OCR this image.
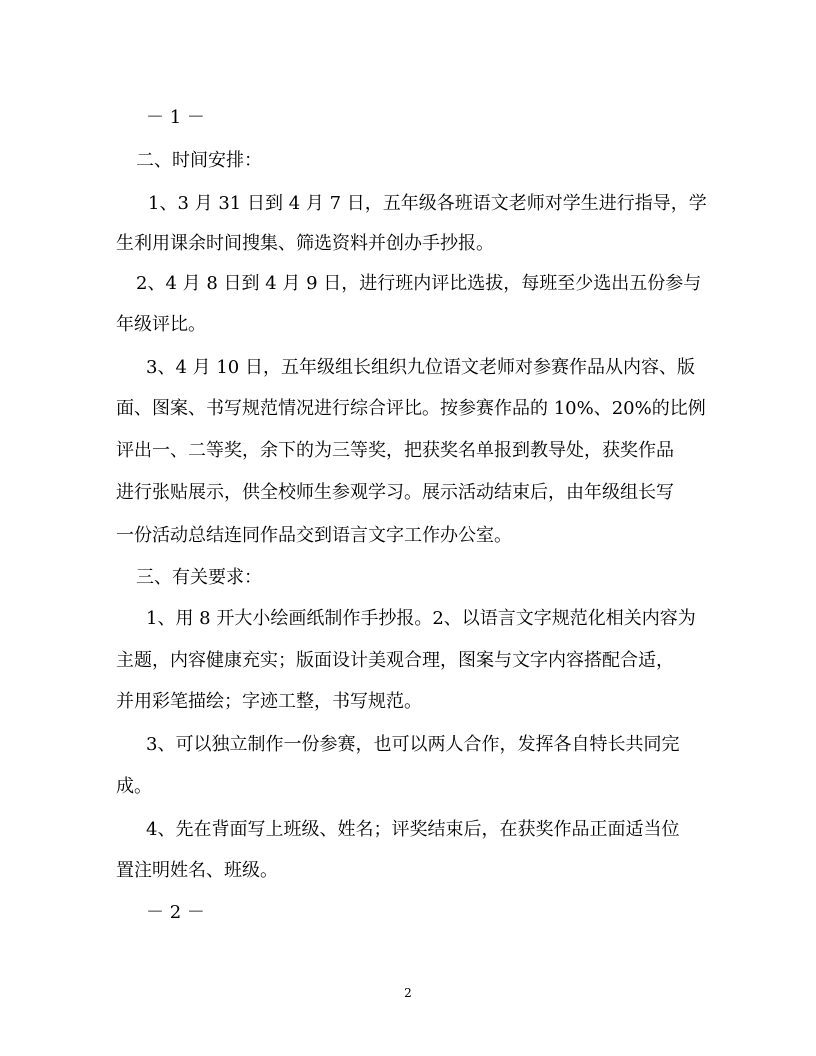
－ 1 －
二、时间安排：
1、3 月 31 日到 4 月 7 日，五年级各班语文老师对学生进行指导，学
生利用课余时间搜集、筛选资料并创办手抄报。
2、4 月 8 日到 4 月 9 日，进行班内评比选拔，每班至少选出五份参与
年级评比。
3、4 月 10 日，五年级组长组织九位语文老师对参赛作品从内容、版
面、图案、书写规范情况进行综合评比。按参赛作品的 10%、20%的比例
评出一、二等奖，余下的为三等奖，把获奖名单报到教导处，获奖作品
进行张贴展示，供全校师生参观学习。展示活动结束后，由年级组长写
一份活动总结连同作品交到语言文字工作办公室。
三、有关要求：
1、用 8 开大小绘画纸制作手抄报。2、以语言文字规范化相关内容为
主题，内容健康充实；版面设计美观合理，图案与文字内容搭配合适，
并用彩笔描绘；字迹工整，书写规范。
3、可以独立制作一份参赛，也可以两人合作，发挥各自特长共同完
成。
4、先在背面写上班级、姓名；评奖结束后，在获奖作品正面适当位
置注明姓名、班级。
－ 2 －
2
